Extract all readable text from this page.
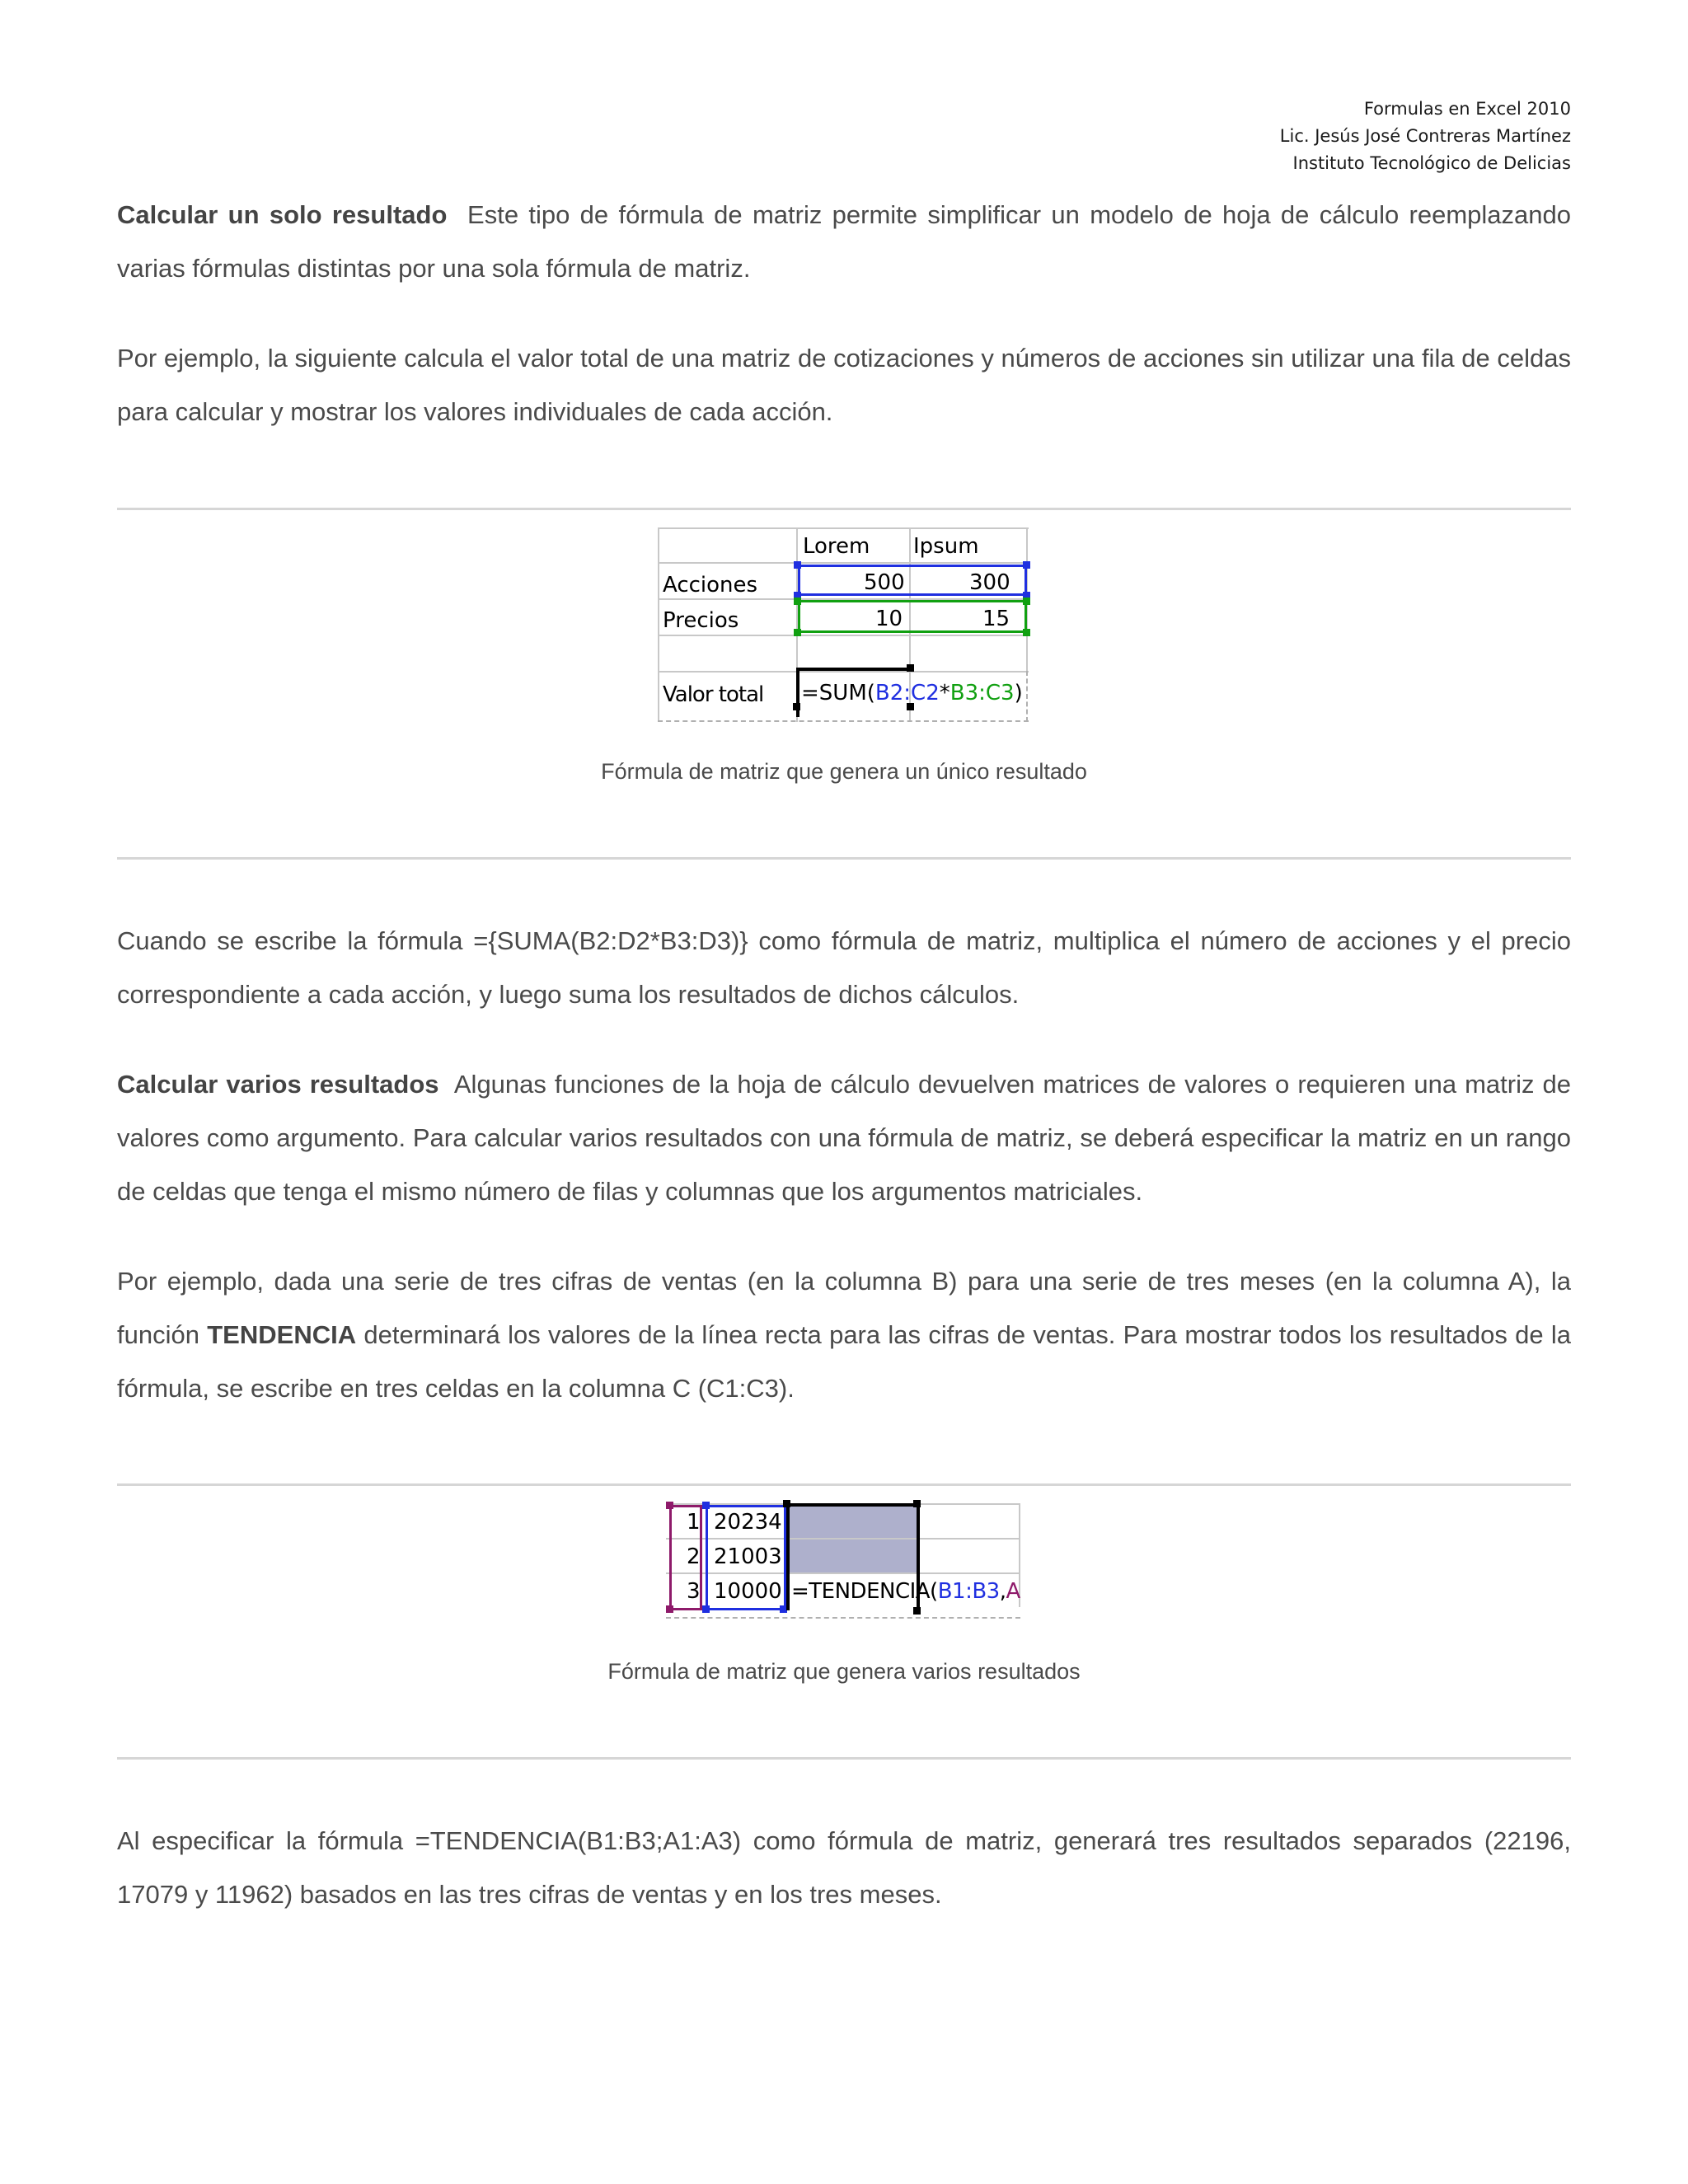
Formulas en Excel 2010
Lic. Jesús José Contreras Martínez
Instituto Tecnológico de Delicias

Calcular un solo resultado Este tipo de fórmula de matriz permite simplificar un modelo de hoja de cálculo reemplazando varias fórmulas distintas por una sola fórmula de matriz.

Por ejemplo, la siguiente calcula el valor total de una matriz de cotizaciones y números de acciones sin utilizar una fila de celdas para calcular y mostrar los valores individuales de cada acción.

Lorem Ipsum
Acciones
Precios
Valor total
500	300
10	15
=SUM(B2:C2*B3:C3)
Fórmula de matriz que genera un único resultado

Cuando se escribe la fórmula ={SUMA(B2:D2*B3:D3)} como fórmula de matriz, multiplica el número de acciones y el precio correspondiente a cada acción, y luego suma los resultados de dichos cálculos.

Calcular varios resultados Algunas funciones de la hoja de cálculo devuelven matrices de valores o requieren una matriz de valores como argumento. Para calcular varios resultados con una fórmula de matriz, se deberá especificar la matriz en un rango de celdas que tenga el mismo número de filas y columnas que los argumentos matriciales.

Por ejemplo, dada una serie de tres cifras de ventas (en la columna B) para una serie de tres meses (en la columna A), la función TENDENCIA determinará los valores de la línea recta para las cifras de ventas. Para mostrar todos los resultados de la fórmula, se escribe en tres celdas en la columna C (C1:C3).

1
2
3
20234
21003
10000 =TENDENCIA(B1:B3,A
Fórmula de matriz que genera varios resultados

Al especificar la fórmula =TENDENCIA(B1:B3;A1:A3) como fórmula de matriz, generará tres resultados separados (22196, 17079 y 11962) basados en las tres cifras de ventas y en los tres meses.
